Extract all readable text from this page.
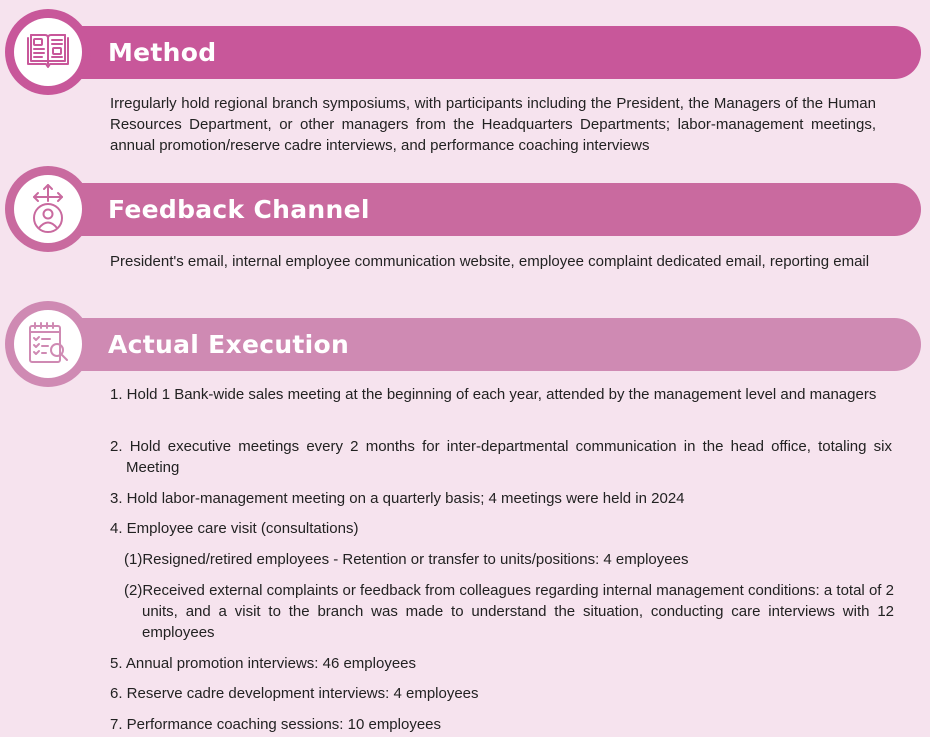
Method
Irregularly hold regional branch symposiums, with participants including the President, the Managers of the Human Resources Department, or other managers from the Headquarters Departments; labor-management meetings, annual promotion/reserve cadre interviews, and performance coaching interviews
Feedback Channel
President's email, internal employee communication website, employee complaint dedicated email, reporting email
Actual Execution
1. Hold 1 Bank-wide sales meeting at the beginning of each year, attended by the management level and managers
2. Hold executive meetings every 2 months for inter-departmental communication in the head office, totaling six Meeting
3. Hold labor-management meeting on a quarterly basis; 4 meetings were held in 2024
4. Employee care visit (consultations)
(1)Resigned/retired employees - Retention or transfer to units/positions: 4 employees
(2)Received external complaints or feedback from colleagues regarding internal management conditions: a total of 2 units, and a visit to the branch was made to understand the situation, conducting care interviews with 12 employees
5. Annual promotion interviews: 46 employees
6. Reserve cadre development interviews: 4 employees
7. Performance coaching sessions: 10 employees
